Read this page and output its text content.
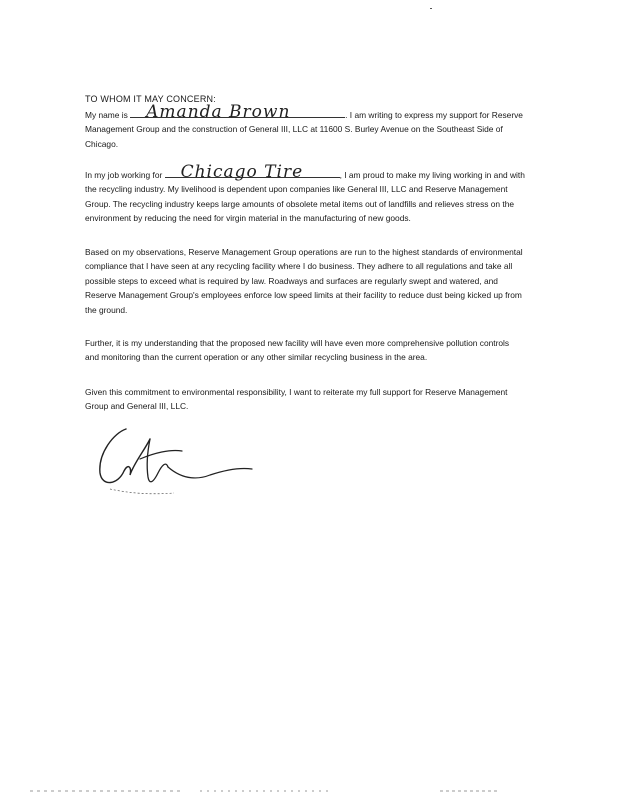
TO WHOM IT MAY CONCERN:
My name is Amanda Brown	. I am writing to express my support for Reserve Management Group and the construction of General III, LLC at 11600 S. Burley Avenue on the Southeast Side of Chicago.
In my job working for Chicago Tire	, I am proud to make my living working in and with the recycling industry. My livelihood is dependent upon companies like General III, LLC and Reserve Management Group. The recycling industry keeps large amounts of obsolete metal items out of landfills and relieves stress on the environment by reducing the need for virgin material in the manufacturing of new goods.
Based on my observations, Reserve Management Group operations are run to the highest standards of environmental compliance that I have seen at any recycling facility where I do business. They adhere to all regulations and take all possible steps to exceed what is required by law. Roadways and surfaces are regularly swept and watered, and Reserve Management Group's employees enforce low speed limits at their facility to reduce dust being kicked up from the ground.
Further, it is my understanding that the proposed new facility will have even more comprehensive pollution controls and monitoring than the current operation or any other similar recycling business in the area.
Given this commitment to environmental responsibility, I want to reiterate my full support for Reserve Management Group and General III, LLC.
